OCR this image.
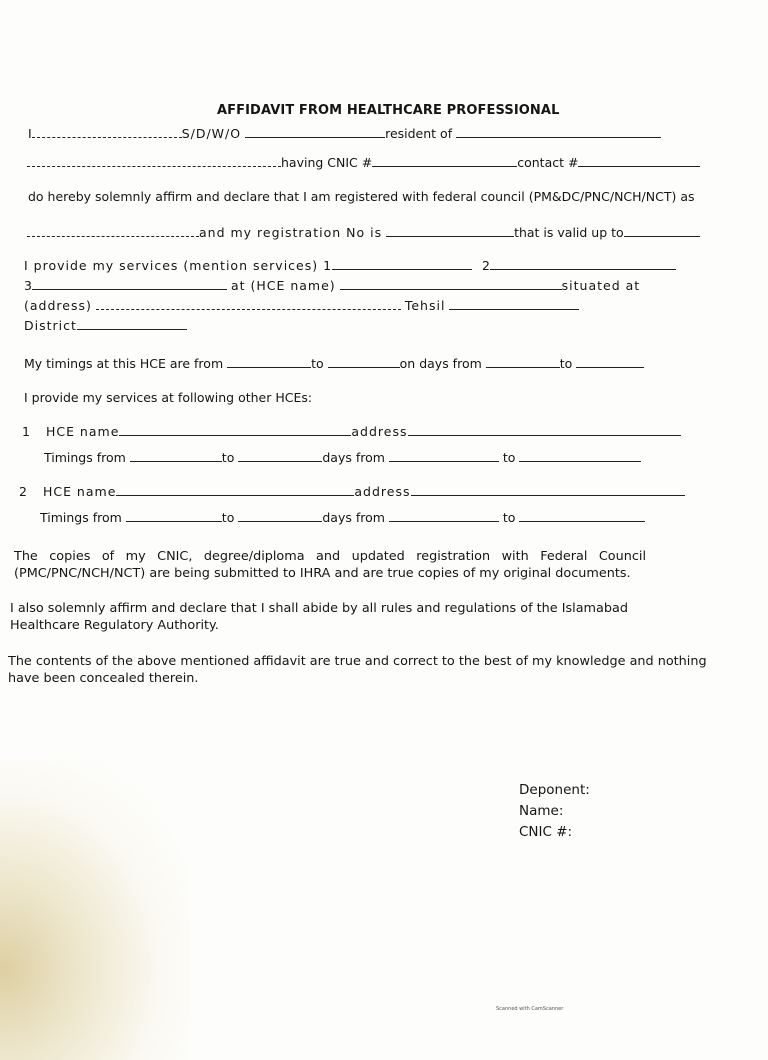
AFFIDAVIT FROM HEALTHCARE PROFESSIONAL
I	S/D/W/O	resident of
having CNIC #	contact #
do hereby solemnly affirm and declare that I am registered with federal council (PM&DC/PNC/NCH/NCT) as
and my registration No is	that is valid up to
I provide my services (mention services) 1	2
3	at (HCE name)	situated at
(address)	Tehsil
District
My timings at this HCE are from	to	on days from	to
I provide my services at following other HCEs:
1 HCE name	address
Timings from	to	days from	to
2 HCE name	address
Timings from	to	days from	to
The copies of my CNIC, degree/diploma and updated registration with Federal Council (PMC/PNC/NCH/NCT) are being submitted to IHRA and are true copies of my original documents.
I also solemnly affirm and declare that I shall abide by all rules and regulations of the Islamabad Healthcare Regulatory Authority.
The contents of the above mentioned affidavit are true and correct to the best of my knowledge and nothing have been concealed therein.
Deponent:
Name:
CNIC #:
Scanned with CamScanner
